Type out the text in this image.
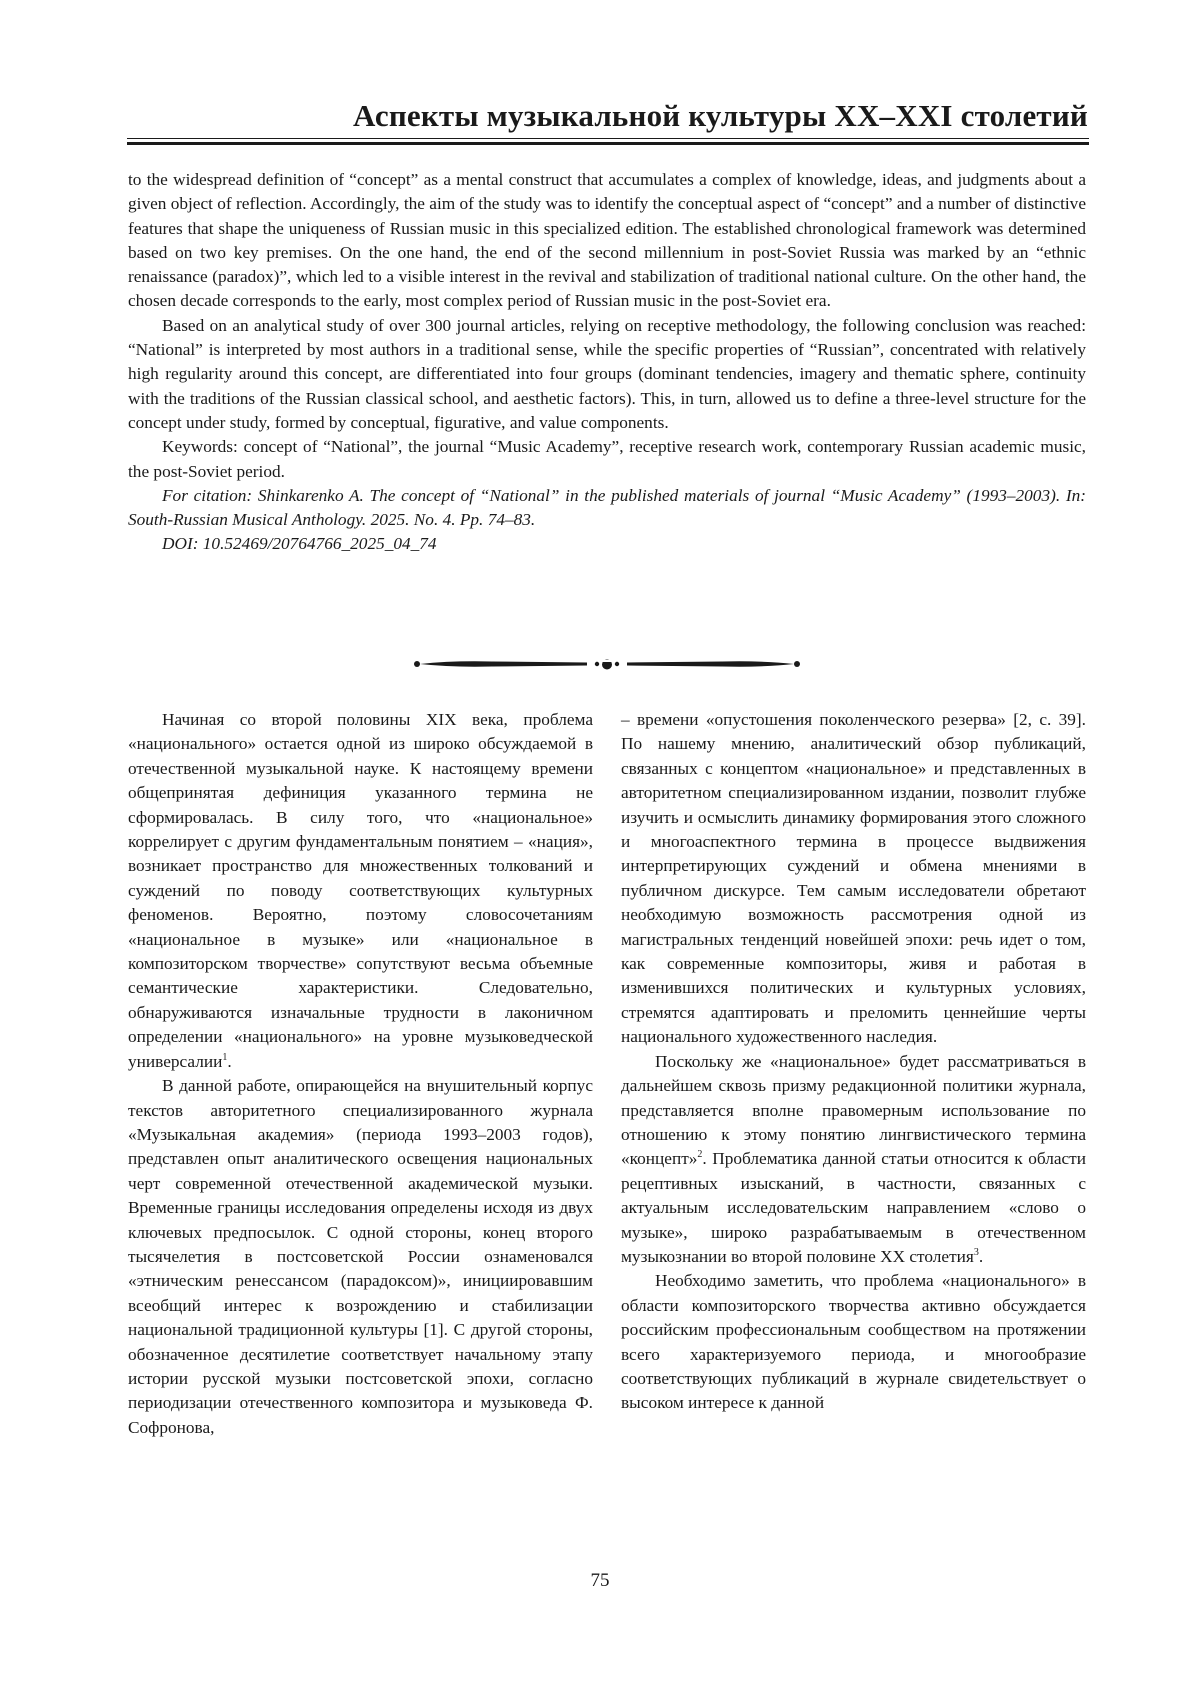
Аспекты музыкальной культуры XX–XXI столетий

to the widespread definition of “concept” as a mental construct that accumulates a complex of knowledge, ideas, and judgments about a given object of reflection. Accordingly, the aim of the study was to identify the conceptual aspect of “concept” and a number of distinctive features that shape the uniqueness of Russian music in this specialized edition. The established chronological framework was determined based on two key premises. On the one hand, the end of the second millennium in post-Soviet Russia was marked by an “ethnic renaissance (paradox)”, which led to a visible interest in the revival and stabilization of traditional national culture. On the other hand, the chosen decade corresponds to the early, most complex period of Russian music in the post-Soviet era.

Based on an analytical study of over 300 journal articles, relying on receptive methodology, the following conclusion was reached: “National” is interpreted by most authors in a traditional sense, while the specific properties of “Russian”, concentrated with relatively high regularity around this concept, are differentiated into four groups (dominant tendencies, imagery and thematic sphere, continuity with the traditions of the Russian classical school, and aesthetic factors). This, in turn, allowed us to define a three-level structure for the concept under study, formed by conceptual, figurative, and value components.

Keywords: concept of “National”, the journal “Music Academy”, receptive research work, contemporary Russian academic music, the post-Soviet period.

For citation: Shinkarenko A. The concept of “National” in the published materials of journal “Music Academy” (1993–2003). In: South-Russian Musical Anthology. 2025. No. 4. Pp. 74–83.

DOI: 10.52469/20764766_2025_04_74

Начиная со второй половины XIX века, проблема «национального» остается одной из широко обсуждаемой в отечественной музыкальной науке. К настоящему времени общепринятая дефиниция указанного термина не сформировалась. В силу того, что «национальное» коррелирует с другим фундаментальным понятием – «нация», возникает пространство для множественных толкований и суждений по поводу соответствующих культурных феноменов. Вероятно, поэтому словосочетаниям «национальное в музыке» или «национальное в композиторском творчестве» сопутствуют весьма объемные семантические характеристики. Следовательно, обнаруживаются изначальные трудности в лаконичном определении «национального» на уровне музыковедческой универсалии$^1$.

В данной работе, опирающейся на внушительный корпус текстов авторитетного специализированного журнала «Музыкальная академия» (периода 1993–2003 годов), представлен опыт аналитического освещения национальных черт современной отечественной академической музыки. Временные границы исследования определены исходя из двух ключевых предпосылок. С одной стороны, конец второго тысячелетия в постсоветской России ознаменовался «этническим ренессансом (парадоксом)», инициировавшим всеобщий интерес к возрождению и стабилизации национальной традиционной культуры [1]. С другой стороны, обозначенное десятилетие соответствует начальному этапу истории русской музыки постсоветской эпохи, согласно периодизации отечественного композитора и музыковеда Ф. Софронова,

– времени «опустошения поколенческого резерва» [2, с. 39]. По нашему мнению, аналитический обзор публикаций, связанных с концептом «национальное» и представленных в авторитетном специализированном издании, позволит глубже изучить и осмыслить динамику формирования этого сложного и многоаспектного термина в процессе выдвижения интерпретирующих суждений и обмена мнениями в публичном дискурсе. Тем самым исследователи обретают необходимую возможность рассмотрения одной из магистральных тенденций новейшей эпохи: речь идет о том, как современные композиторы, живя и работая в изменившихся политических и культурных условиях, стремятся адаптировать и преломить ценнейшие черты национального художественного наследия.

Поскольку же «национальное» будет рассматриваться в дальнейшем сквозь призму редакционной политики журнала, представляется вполне правомерным использование по отношению к этому понятию лингвистического термина «концепт»$^2$. Проблематика данной статьи относится к области рецептивных изысканий, в частности, связанных с актуальным исследовательским направлением «слово о музыке», широко разрабатываемым в отечественном музыкознании во второй половине XX столетия$^3$.

Необходимо заметить, что проблема «национального» в области композиторского творчества активно обсуждается российским профессиональным сообществом на протяжении всего характеризуемого периода, и многообразие соответствующих публикаций в журнале свидетельствует о высоком интересе к данной

75
